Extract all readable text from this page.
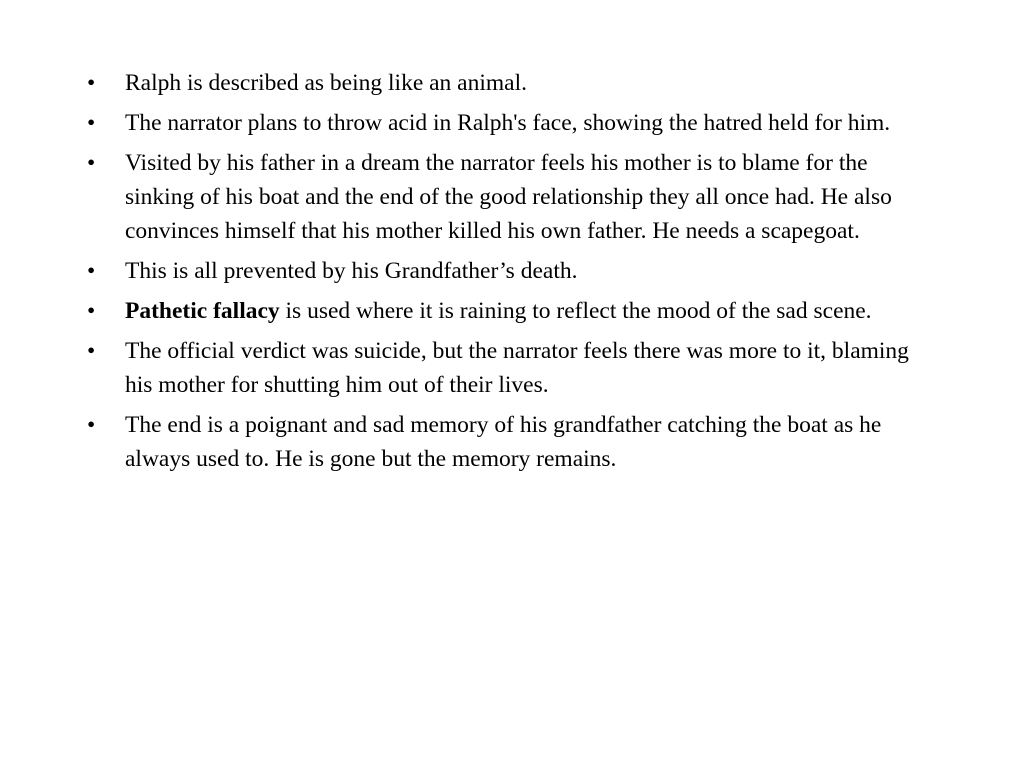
•	Ralph is described as being like an animal.
•	The narrator plans to throw acid in Ralph's face, showing the hatred held for him.
•	Visited by his father in a dream the narrator feels his mother is to blame for the sinking of his boat and the end of the good relationship they all once had. He also convinces himself that his mother killed his own father. He needs a scapegoat.
•	This is all prevented by his Grandfather’s death.
•	Pathetic fallacy is used where it is raining to reflect the mood of the sad scene.
•	The official verdict was suicide, but the narrator feels there was more to it, blaming his mother for shutting him out of their lives.
•	The end is a poignant and sad memory of his grandfather catching the boat as he always used to. He is gone but the memory remains.
